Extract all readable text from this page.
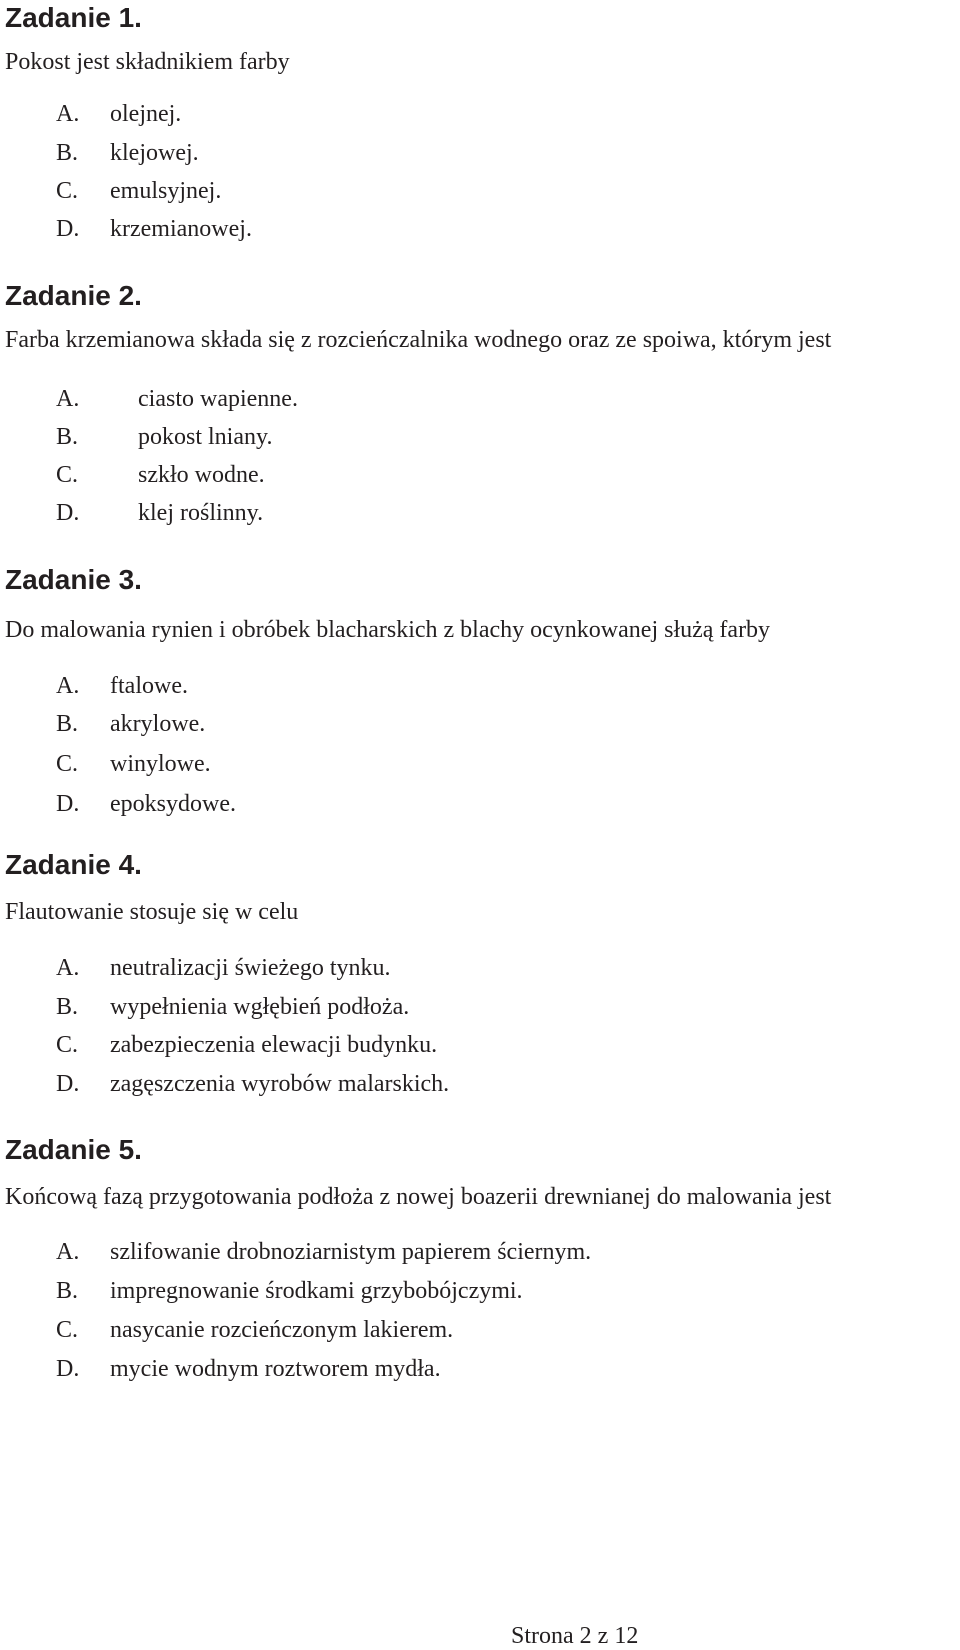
Zadanie 1.

Pokost jest składnikiem farby

A. olejnej.
B. klejowej.
C. emulsyjnej.
D. krzemianowej.
Zadanie 2.

Farba krzemianowa składa się z rozcieńczalnika wodnego oraz ze spoiwa, którym jest

A. ciasto wapienne.
B. pokost lniany.
C. szkło wodne.
D. klej roślinny.
Zadanie 3.

Do malowania rynien i obróbek blacharskich z blachy ocynkowanej służą farby

A. ftalowe.
B. akrylowe.
C. winylowe.
D. epoksydowe.
Zadanie 4.

Flautowanie stosuje się w celu

A. neutralizacji świeżego tynku.
B. wypełnienia wgłębień podłoża.
C. zabezpieczenia elewacji budynku.
D. zagęszczenia wyrobów malarskich.
Zadanie 5.

Końcową fazą przygotowania podłoża z nowej boazerii drewnianej do malowania jest

A. szlifowanie drobnoziarnistym papierem ściernym.
B. impregnowanie środkami grzybobójczymi.
C. nasycanie rozcieńczonym lakierem.
D. mycie wodnym roztworem mydła.
Strona 2 z 12
